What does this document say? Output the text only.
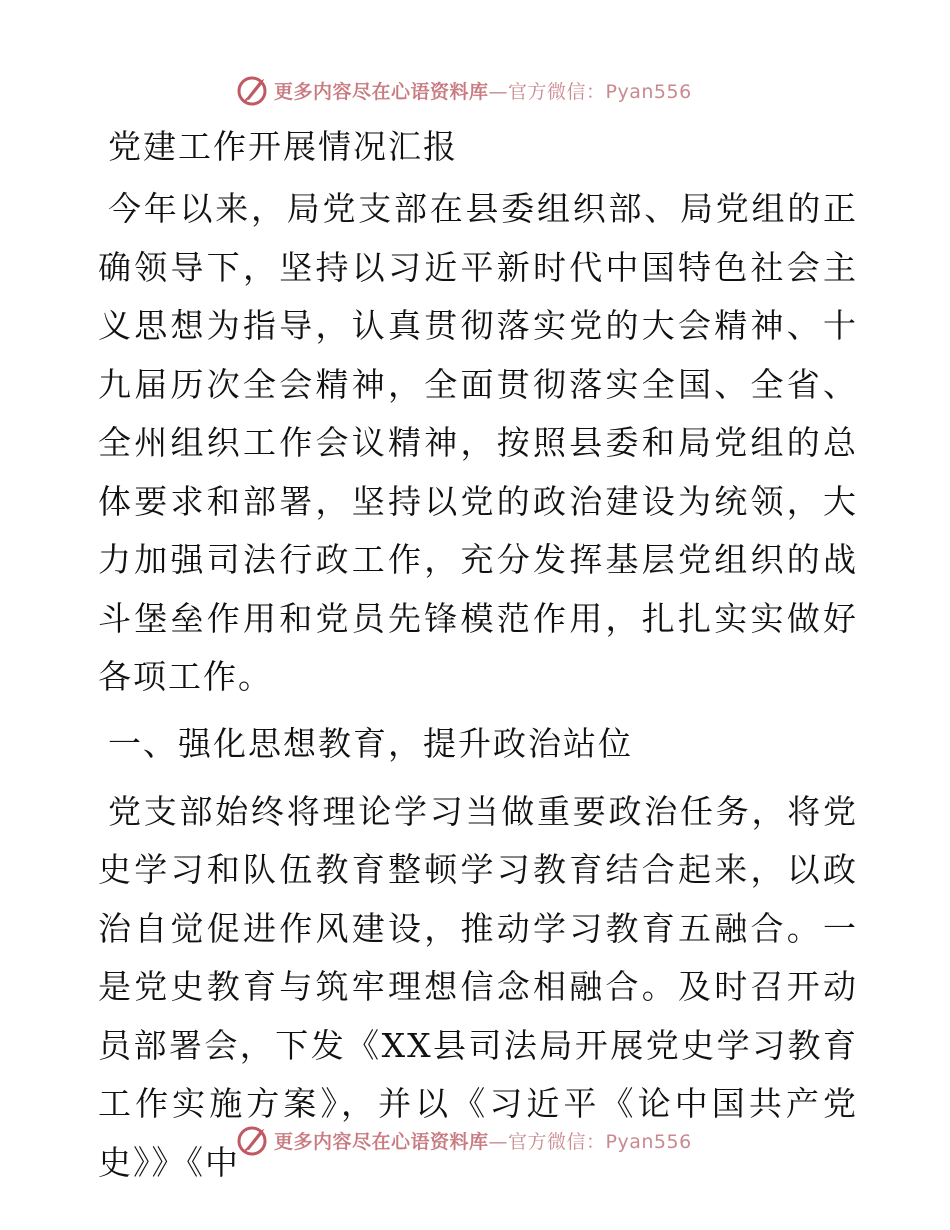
更多内容尽在心语资料库—官方微信：Pyan556
党建工作开展情况汇报

今年以来，局党支部在县委组织部、局党组的正确领导下，坚持以习近平新时代中国特色社会主义思想为指导，认真贯彻落实党的大会精神、十九届历次全会精神，全面贯彻落实全国、全省、全州组织工作会议精神，按照县委和局党组的总体要求和部署，坚持以党的政治建设为统领，大力加强司法行政工作，充分发挥基层党组织的战斗堡垒作用和党员先锋模范作用，扎扎实实做好各项工作。

一、强化思想教育，提升政治站位

党支部始终将理论学习当做重要政治任务，将党史学习和队伍教育整顿学习教育结合起来，以政治自觉促进作风建设，推动学习教育五融合。一是党史教育与筑牢理想信念相融合。及时召开动员部署会，下发《XX县司法局开展党史学习教育工作实施方案》，并以《习近平《论中国共产党史》》《中

更多内容尽在心语资料库—官方微信：Pyan556
